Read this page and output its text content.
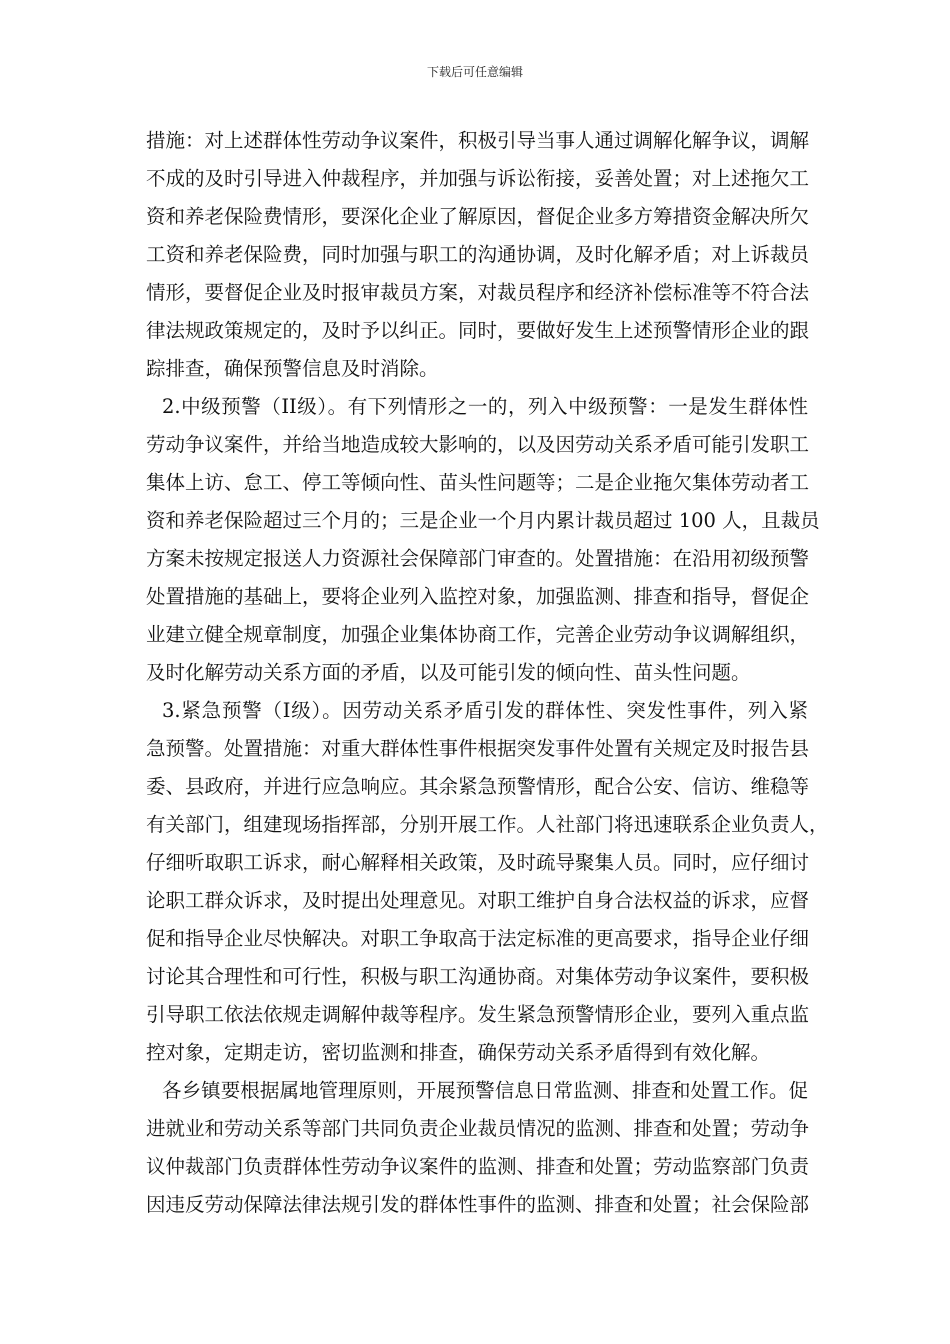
下载后可任意编辑
措施：对上述群体性劳动争议案件，积极引导当事人通过调解化解争议，调解
不成的及时引导进入仲裁程序，并加强与诉讼衔接，妥善处置；对上述拖欠工
资和养老保险费情形，要深化企业了解原因，督促企业多方筹措资金解决所欠
工资和养老保险费，同时加强与职工的沟通协调，及时化解矛盾；对上诉裁员
情形，要督促企业及时报审裁员方案，对裁员程序和经济补偿标准等不符合法
律法规政策规定的，及时予以纠正。同时，要做好发生上述预警情形企业的跟
踪排查，确保预警信息及时消除。
2.中级预警（II级）。有下列情形之一的，列入中级预警：一是发生群体性
劳动争议案件，并给当地造成较大影响的，以及因劳动关系矛盾可能引发职工
集体上访、怠工、停工等倾向性、苗头性问题等；二是企业拖欠集体劳动者工
资和养老保险超过三个月的；三是企业一个月内累计裁员超过 100 人，且裁员
方案未按规定报送人力资源社会保障部门审查的。处置措施：在沿用初级预警
处置措施的基础上，要将企业列入监控对象，加强监测、排查和指导，督促企
业建立健全规章制度，加强企业集体协商工作，完善企业劳动争议调解组织，
及时化解劳动关系方面的矛盾，以及可能引发的倾向性、苗头性问题。
3.紧急预警（I级）。因劳动关系矛盾引发的群体性、突发性事件，列入紧
急预警。处置措施：对重大群体性事件根据突发事件处置有关规定及时报告县
委、县政府，并进行应急响应。其余紧急预警情形，配合公安、信访、维稳等
有关部门，组建现场指挥部，分别开展工作。人社部门将迅速联系企业负责人，
仔细听取职工诉求，耐心解释相关政策，及时疏导聚集人员。同时，应仔细讨
论职工群众诉求，及时提出处理意见。对职工维护自身合法权益的诉求，应督
促和指导企业尽快解决。对职工争取高于法定标准的更高要求，指导企业仔细
讨论其合理性和可行性，积极与职工沟通协商。对集体劳动争议案件，要积极
引导职工依法依规走调解仲裁等程序。发生紧急预警情形企业，要列入重点监
控对象，定期走访，密切监测和排查，确保劳动关系矛盾得到有效化解。
各乡镇要根据属地管理原则，开展预警信息日常监测、排查和处置工作。促
进就业和劳动关系等部门共同负责企业裁员情况的监测、排查和处置；劳动争
议仲裁部门负责群体性劳动争议案件的监测、排查和处置；劳动监察部门负责
因违反劳动保障法律法规引发的群体性事件的监测、排查和处置；社会保险部
